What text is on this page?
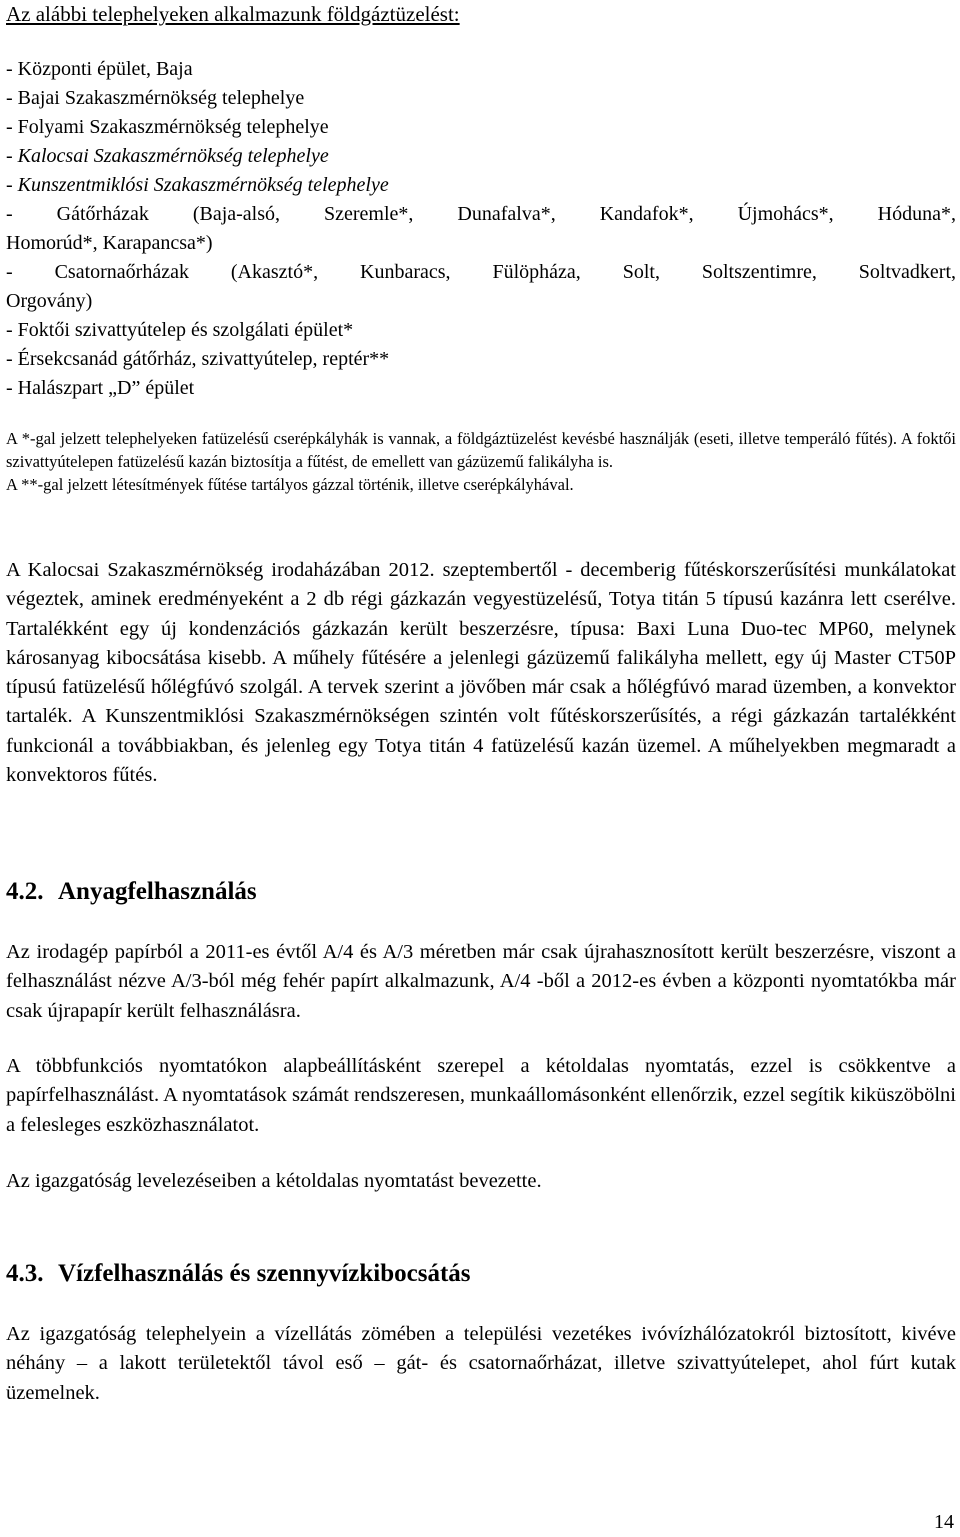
Az alábbi telephelyeken alkalmazunk földgáztüzelést:
- Központi épület, Baja
- Bajai Szakaszmérnökség telephelye
- Folyami Szakaszmérnökség telephelye
- Kalocsai Szakaszmérnökség telephelye
- Kunszentmiklósi Szakaszmérnökség telephelye
- Gátőrházak (Baja-alsó, Szeremle*, Dunafalva*, Kandafok*, Újmohács*, Hóduna*,
Homorúd*, Karapancsa*)
- Csatornaőrházak (Akasztó*, Kunbaracs, Fülöpháza, Solt, Soltszentimre, Soltvadkert,
Orgovány)
- Foktői szivattyútelep és szolgálati épület*
- Érsekcsanád gátőrház, szivattyútelep, reptér**
- Halászpart „D” épület

A *-gal jelzett telephelyeken fatüzelésű cserépkályhák is vannak, a földgáztüzelést kevésbé használják (eseti, illetve temperáló fűtés). A foktői szivattyútelepen fatüzelésű kazán biztosítja a fűtést, de emellett van gázüzemű falikályha is.

A **-gal jelzett létesítmények fűtése tartályos gázzal történik, illetve cserépkályhával.

A Kalocsai Szakaszmérnökség irodaházában 2012. szeptembertől - decemberig fűtéskorszerűsítési munkálatokat végeztek, aminek eredményeként a 2 db régi gázkazán vegyestüzelésű, Totya titán 5 típusú kazánra lett cserélve. Tartalékként egy új kondenzációs gázkazán került beszerzésre, típusa: Baxi Luna Duo-tec MP60, melynek károsanyag kibocsátása kisebb. A műhely fűtésére a jelenlegi gázüzemű falikályha mellett, egy új Master CT50P típusú fatüzelésű hőlégfúvó szolgál. A tervek szerint a jövőben már csak a hőlégfúvó marad üzemben, a konvektor tartalék. A Kunszentmiklósi Szakaszmérnökségen szintén volt fűtéskorszerűsítés, a régi gázkazán tartalékként funkcionál a továbbiakban, és jelenleg egy Totya titán 4 fatüzelésű kazán üzemel. A műhelyekben megmaradt a konvektoros fűtés.

4.2. Anyagfelhasználás

Az irodagép papírból a 2011-es évtől A/4 és A/3 méretben már csak újrahasznosított került beszerzésre, viszont a felhasználást nézve A/3-ból még fehér papírt alkalmazunk, A/4 -ből a 2012-es évben a központi nyomtatókba már csak újrapapír került felhasználásra.

A többfunkciós nyomtatókon alapbeállításként szerepel a kétoldalas nyomtatás, ezzel is csökkentve a papírfelhasználást. A nyomtatások számát rendszeresen, munkaállomásonként ellenőrzik, ezzel segítik kiküszöbölni a felesleges eszközhasználatot.

Az igazgatóság levelezéseiben a kétoldalas nyomtatást bevezette.

4.3. Vízfelhasználás és szennyvízkibocsátás

Az igazgatóság telephelyein a vízellátás zömében a települési vezetékes ivóvízhálózatokról biztosított, kivéve néhány – a lakott területektől távol eső – gát- és csatornaőrházat, illetve szivattyútelepet, ahol fúrt kutak üzemelnek.

14
